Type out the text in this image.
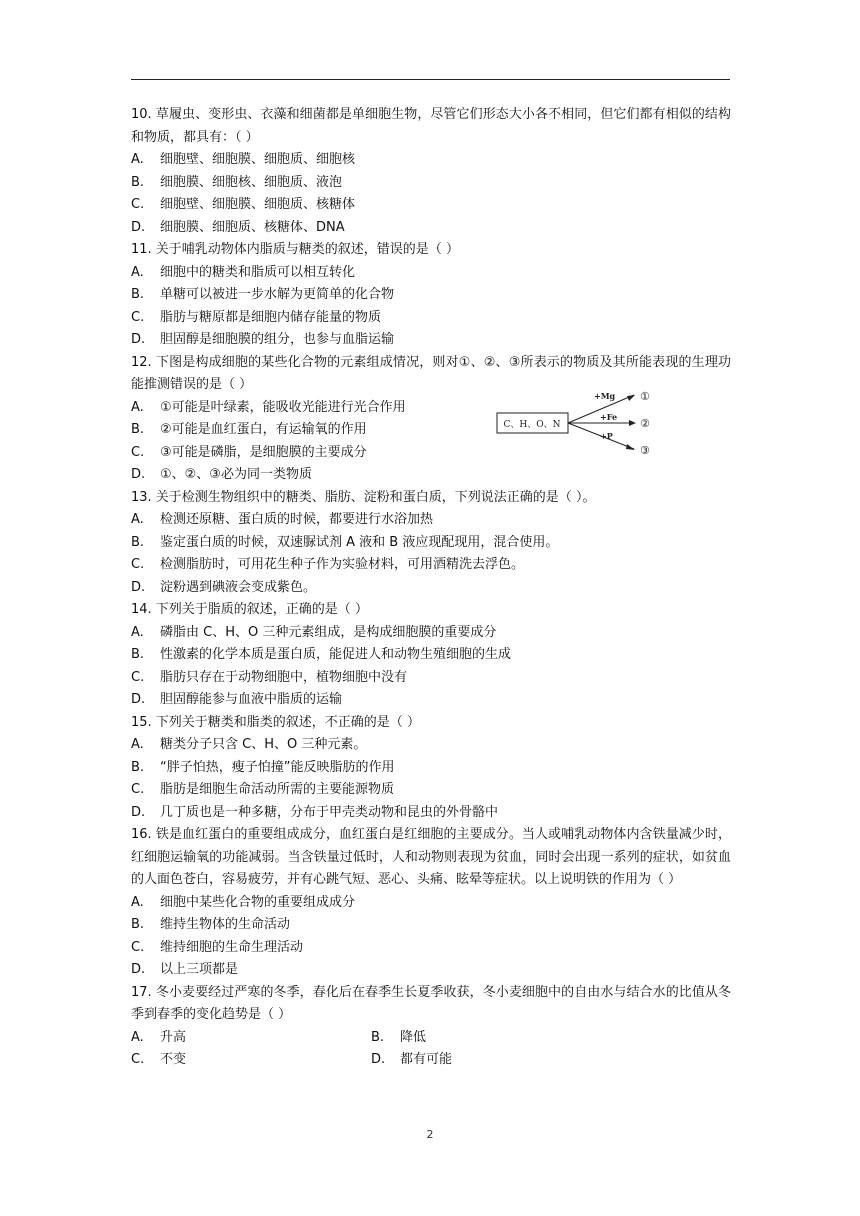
10. 草履虫、变形虫、衣藻和细菌都是单细胞生物，尽管它们形态大小各不相同，但它们都有相似的结构和物质，都具有：（ ）

A.	细胞壁、细胞膜、细胞质、细胞核
B.	细胞膜、细胞核、细胞质、液泡
C.	细胞壁、细胞膜、细胞质、核糖体
D.	细胞膜、细胞质、核糖体、DNA

11. 关于哺乳动物体内脂质与糖类的叙述，错误的是（ ）

A.	细胞中的糖类和脂质可以相互转化
B.	单糖可以被进一步水解为更简单的化合物
C.	脂肪与糖原都是细胞内储存能量的物质
D.	胆固醇是细胞膜的组分，也参与血脂运输

12. 下图是构成细胞的某些化合物的元素组成情况，则对①、②、③所表示的物质及其所能表现的生理功能推测错误的是（ ）

A.	①可能是叶绿素，能吸收光能进行光合作用
B.	②可能是血红蛋白，有运输氧的作用
C.	③可能是磷脂，是细胞膜的主要成分
D.	①、②、③必为同一类物质

13. 关于检测生物组织中的糖类、脂肪、淀粉和蛋白质，下列说法正确的是（ ）。

A.	检测还原糖、蛋白质的时候，都要进行水浴加热
B.	鉴定蛋白质的时候，双速脲试剂 A 液和 B 液应现配现用，混合使用。
C.	检测脂肪时，可用花生种子作为实验材料，可用酒精洗去浮色。
D.	淀粉遇到碘液会变成紫色。

14. 下列关于脂质的叙述，正确的是（ ）

A.	磷脂由 C、H、O 三种元素组成，是构成细胞膜的重要成分
B.	性激素的化学本质是蛋白质，能促进人和动物生殖细胞的生成
C.	脂肪只存在于动物细胞中，植物细胞中没有
D.	胆固醇能参与血液中脂质的运输

15. 下列关于糖类和脂类的叙述，不正确的是（ ）

A.	糖类分子只含 C、H、O 三种元素。
B.	“胖子怕热，瘦子怕撞”能反映脂肪的作用
C.	脂肪是细胞生命活动所需的主要能源物质
D.	几丁质也是一种多糖，分布于甲壳类动物和昆虫的外骨骼中

16. 铁是血红蛋白的重要组成成分，血红蛋白是红细胞的主要成分。当人或哺乳动物体内含铁量减少时，红细胞运输氧的功能减弱。当含铁量过低时，人和动物则表现为贫血，同时会出现一系列的症状，如贫血的人面色苍白，容易疲劳，并有心跳气短、恶心、头痛、眩晕等症状。以上说明铁的作用为（ ）

A.	细胞中某些化合物的重要组成成分
B.	维持生物体的生命活动
C.	维持细胞的生命生理活动
D.	以上三项都是

17. 冬小麦要经过严寒的冬季，春化后在春季生长夏季收获，冬小麦细胞中的自由水与结合水的比值从冬季到春季的变化趋势是（ ）

A.	升高	B.	降低
C.	不变	D.	都有可能
C、H、O、N
+Mg
+Fe
+P
①
②
③
2
